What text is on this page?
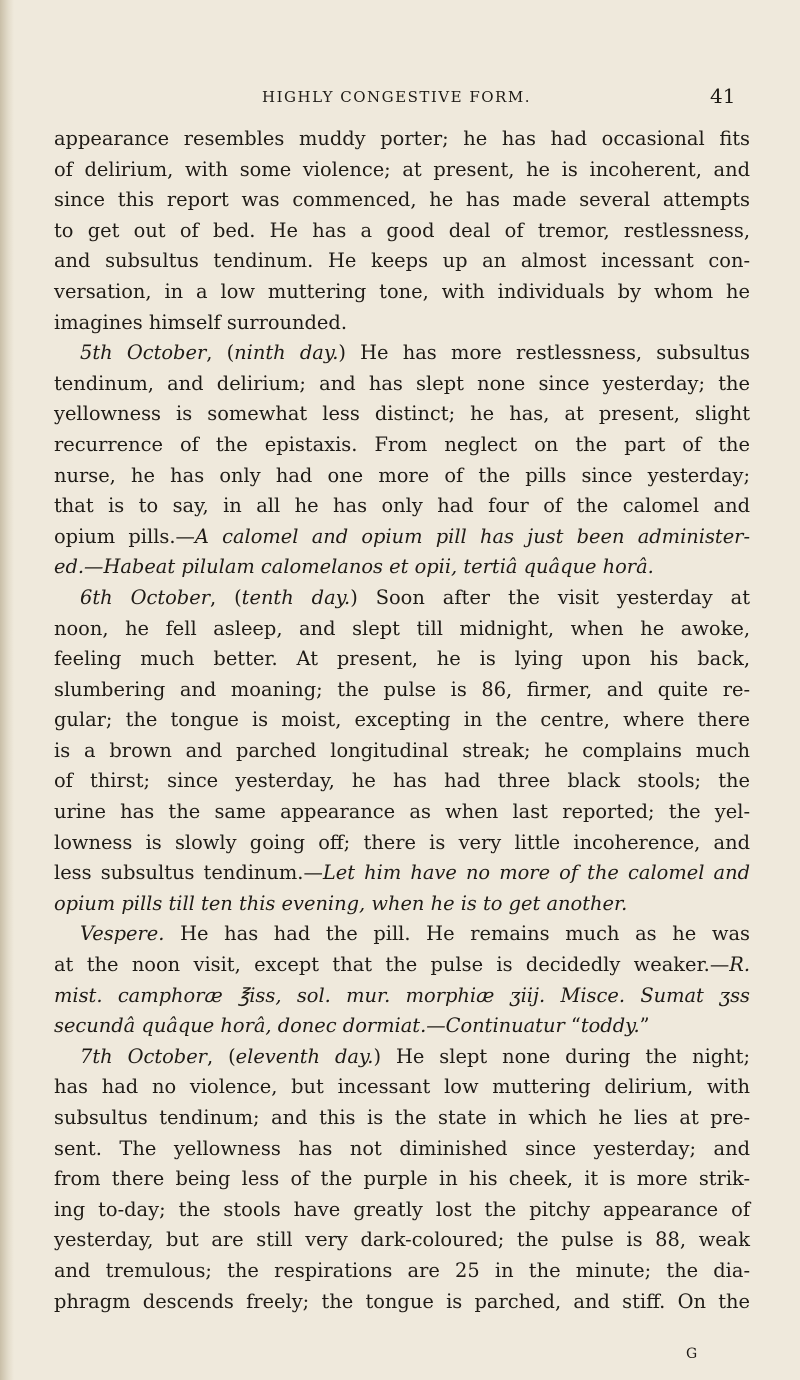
HIGHLY CONGESTIVE FORM.	41
appearance resembles muddy porter; he has had occasional fits
of delirium, with some violence; at present, he is incoherent, and
since this report was commenced, he has made several attempts
to get out of bed. He has a good deal of tremor, restlessness,
and subsultus tendinum. He keeps up an almost incessant con-
versation, in a low muttering tone, with individuals by whom he
imagines himself surrounded.
5th October, (ninth day.) He has more restlessness, subsultus
tendinum, and delirium; and has slept none since yesterday; the
yellowness is somewhat less distinct; he has, at present, slight
recurrence of the epistaxis. From neglect on the part of the
nurse, he has only had one more of the pills since yesterday;
that is to say, in all he has only had four of the calomel and
opium pills.—A calomel and opium pill has just been administer-
ed.—Habeat pilulam calomelanos et opii, tertiâ quâque horâ.
6th October, (tenth day.) Soon after the visit yesterday at
noon, he fell asleep, and slept till midnight, when he awoke,
feeling much better. At present, he is lying upon his back,
slumbering and moaning; the pulse is 86, firmer, and quite re-
gular; the tongue is moist, excepting in the centre, where there
is a brown and parched longitudinal streak; he complains much
of thirst; since yesterday, he has had three black stools; the
urine has the same appearance as when last reported; the yel-
lowness is slowly going off; there is very little incoherence, and
less subsultus tendinum.—Let him have no more of the calomel and
opium pills till ten this evening, when he is to get another.
Vespere. He has had the pill. He remains much as he was
at the noon visit, except that the pulse is decidedly weaker.—R.
mist. camphoræ ℥iss, sol. mur. morphiæ ʒiij. Misce. Sumat ʒss
secundâ quâque horâ, donec dormiat.—Continuatur “toddy.”
7th October, (eleventh day.) He slept none during the night;
has had no violence, but incessant low muttering delirium, with
subsultus tendinum; and this is the state in which he lies at pre-
sent. The yellowness has not diminished since yesterday; and
from there being less of the purple in his cheek, it is more strik-
ing to-day; the stools have greatly lost the pitchy appearance of
yesterday, but are still very dark-coloured; the pulse is 88, weak
and tremulous; the respirations are 25 in the minute; the dia-
phragm descends freely; the tongue is parched, and stiff. On the
G
